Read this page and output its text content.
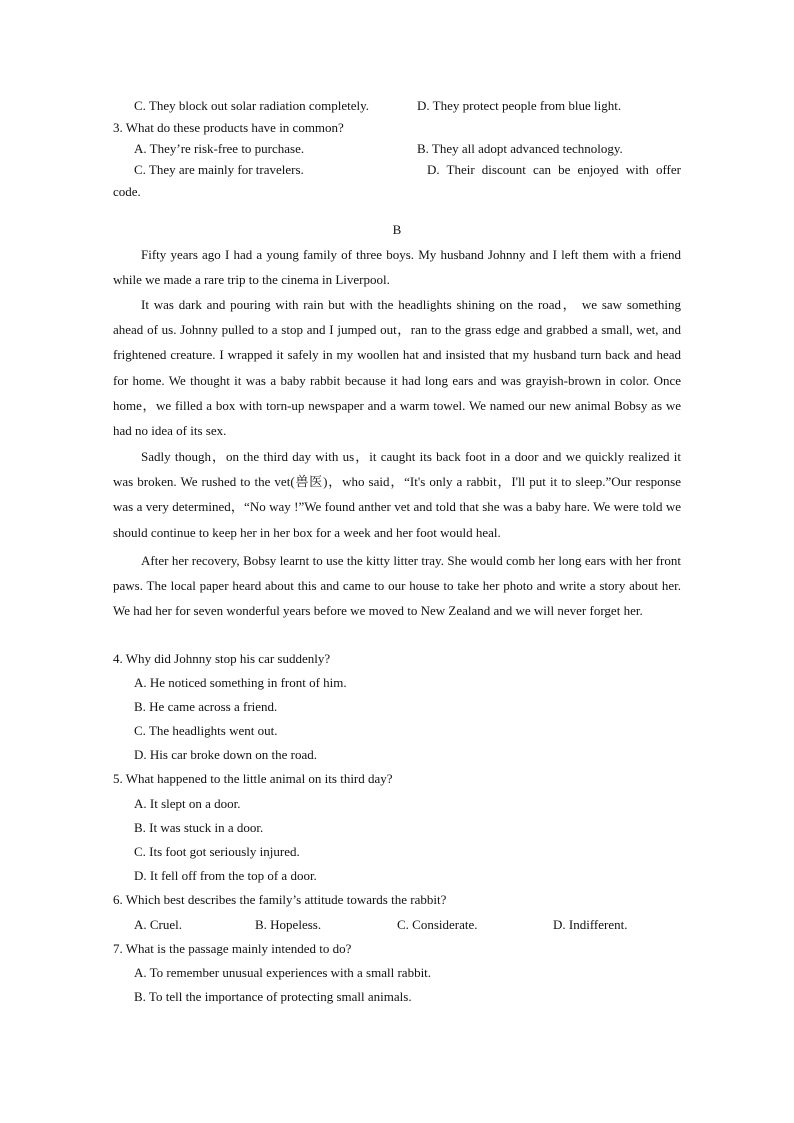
C. They block out solar radiation completely.	D. They protect people from blue light.
3. What do these products have in common?
A. They’re risk-free to purchase.	B. They all adopt advanced technology.
C. They are mainly for travelers.	D. Their discount can be enjoyed with offer
code.
B
Fifty years ago I had a young family of three boys. My husband Johnny and I left them with a friend while we made a rare trip to the cinema in Liverpool.
It was dark and pouring with rain but with the headlights shining on the road， we saw something ahead of us. Johnny pulled to a stop and I jumped out，ran to the grass edge and grabbed a small, wet, and frightened creature. I wrapped it safely in my woollen hat and insisted that my husband turn back and head for home. We thought it was a baby rabbit because it had long ears and was grayish-brown in color. Once home，we filled a box with torn-up newspaper and a warm towel. We named our new animal Bobsy as we had no idea of its sex.
Sadly though，on the third day with us，it caught its back foot in a door and we quickly realized it was broken. We rushed to the vet(兽医)，who said，“It's only a rabbit，I'll put it to sleep.”Our response was a very determined，“No way !”We found anther vet and told that she was a baby hare. We were told we should continue to keep her in her box for a week and her foot would heal.
After her recovery, Bobsy learnt to use the kitty litter tray. She would comb her long ears with her front paws. The local paper heard about this and came to our house to take her photo and write a story about her. We had her for seven wonderful years before we moved to New Zealand and we will never forget her.
4. Why did Johnny stop his car suddenly?
A. He noticed something in front of him.
B. He came across a friend.
C. The headlights went out.
D. His car broke down on the road.
5. What happened to the little animal on its third day?
A. It slept on a door.
B. It was stuck in a door.
C. Its foot got seriously injured.
D. It fell off from the top of a door.
6. Which best describes the family’s attitude towards the rabbit?
A. Cruel.	B. Hopeless.	C. Considerate.	D. Indifferent.
7. What is the passage mainly intended to do?
A. To remember unusual experiences with a small rabbit.
B. To tell the importance of protecting small animals.
